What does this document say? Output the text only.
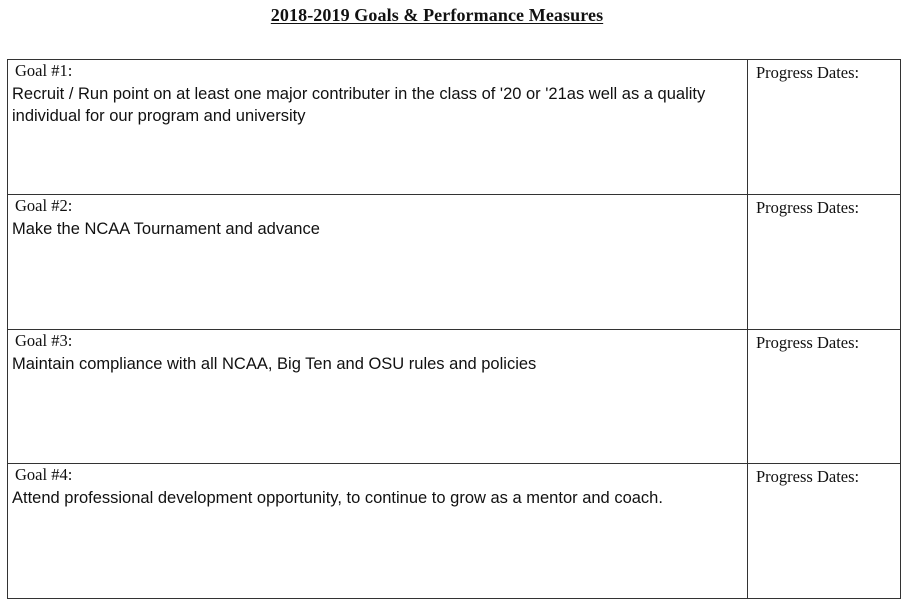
2018-2019 Goals & Performance Measures
Goal #1:
Recruit / Run point on at least one major contributer in the class of '20 or '21as well as a quality individual for our program and university	Progress Dates:

Goal #2:
Make the NCAA Tournament and advance	Progress Dates:

Goal #3:
Maintain compliance with all NCAA, Big Ten and OSU rules and policies	Progress Dates:

Goal #4:
Attend professional development opportunity, to continue to grow as a mentor and coach.	Progress Dates:
